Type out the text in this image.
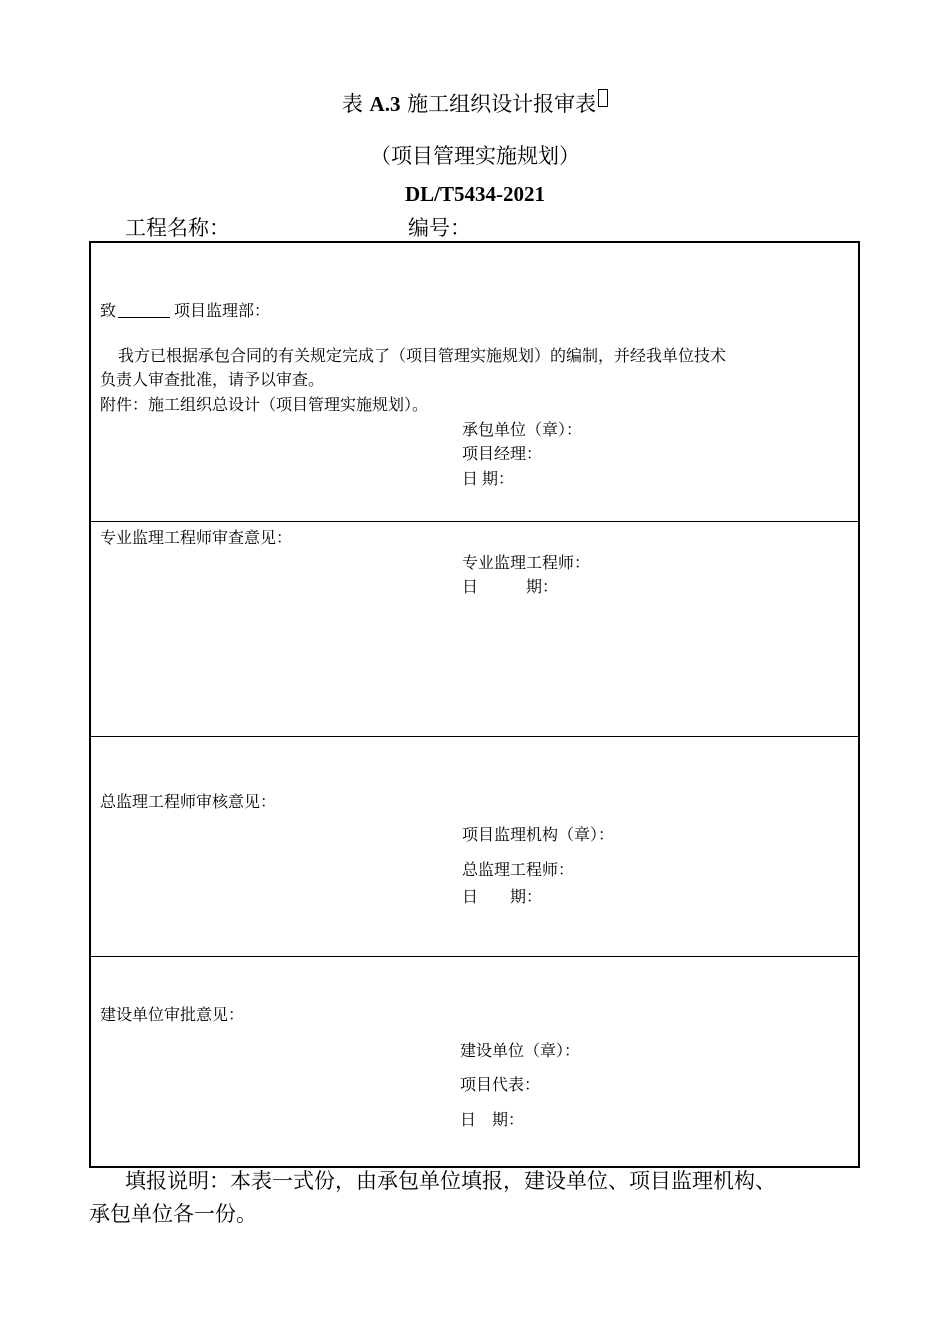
表 A.3 施工组织设计报审表
（项目管理实施规划）
DL/T5434-2021
工程名称：	编号：
致	项目监理部：
我方已根据承包合同的有关规定完成了（项目管理实施规划）的编制，并经我单位技术
负责人审查批准，请予以审查。
附件：施工组织总设计（项目管理实施规划）。
承包单位（章）：
项目经理：
日 期：
专业监理工程师审查意见：
专业监理工程师：
日　　　期：
总监理工程师审核意见：
项目监理机构（章）：
总监理工程师：
日　　期：
建设单位审批意见：
建设单位（章）：
项目代表：
日　期：
填报说明：本表一式份，由承包单位填报，建设单位、项目监理机构、
承包单位各一份。
